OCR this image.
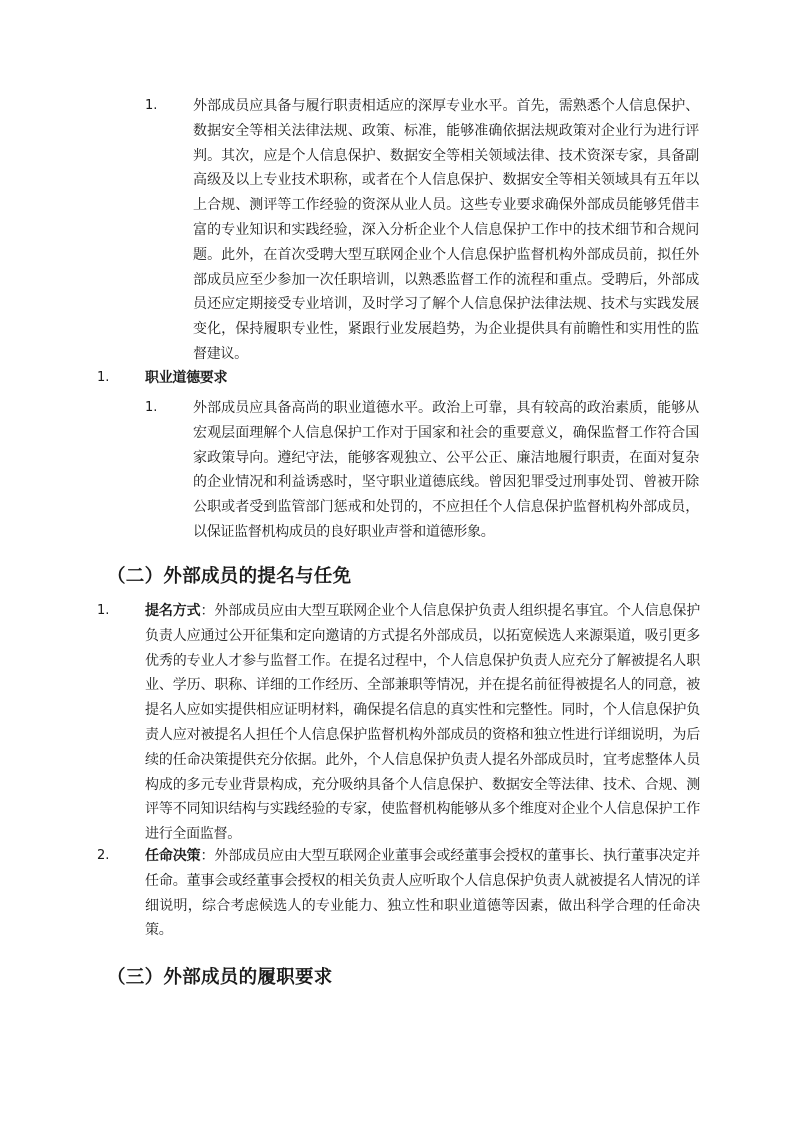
1.	外部成员应具备与履行职责相适应的深厚专业水平。首先，需熟悉个人信息保护、数据安全等相关法律法规、政策、标准，能够准确依据法规政策对企业行为进行评判。其次，应是个人信息保护、数据安全等相关领域法律、技术资深专家，具备副高级及以上专业技术职称，或者在个人信息保护、数据安全等相关领域具有五年以上合规、测评等工作经验的资深从业人员。这些专业要求确保外部成员能够凭借丰富的专业知识和实践经验，深入分析企业个人信息保护工作中的技术细节和合规问题。此外，在首次受聘大型互联网企业个人信息保护监督机构外部成员前，拟任外部成员应至少参加一次任职培训，以熟悉监督工作的流程和重点。受聘后，外部成员还应定期接受专业培训，及时学习了解个人信息保护法律法规、技术与实践发展变化，保持履职专业性，紧跟行业发展趋势，为企业提供具有前瞻性和实用性的监督建议。
1.	职业道德要求
1.	外部成员应具备高尚的职业道德水平。政治上可靠，具有较高的政治素质，能够从宏观层面理解个人信息保护工作对于国家和社会的重要意义，确保监督工作符合国家政策导向。遵纪守法，能够客观独立、公平公正、廉洁地履行职责，在面对复杂的企业情况和利益诱惑时，坚守职业道德底线。曾因犯罪受过刑事处罚、曾被开除公职或者受到监管部门惩戒和处罚的，不应担任个人信息保护监督机构外部成员，以保证监督机构成员的良好职业声誉和道德形象。
（二）外部成员的提名与任免
1.	提名方式：外部成员应由大型互联网企业个人信息保护负责人组织提名事宜。个人信息保护负责人应通过公开征集和定向邀请的方式提名外部成员，以拓宽候选人来源渠道，吸引更多优秀的专业人才参与监督工作。在提名过程中，个人信息保护负责人应充分了解被提名人职业、学历、职称、详细的工作经历、全部兼职等情况，并在提名前征得被提名人的同意，被提名人应如实提供相应证明材料，确保提名信息的真实性和完整性。同时，个人信息保护负责人应对被提名人担任个人信息保护监督机构外部成员的资格和独立性进行详细说明，为后续的任命决策提供充分依据。此外，个人信息保护负责人提名外部成员时，宜考虑整体人员构成的多元专业背景构成，充分吸纳具备个人信息保护、数据安全等法律、技术、合规、测评等不同知识结构与实践经验的专家，使监督机构能够从多个维度对企业个人信息保护工作进行全面监督。
2.	任命决策：外部成员应由大型互联网企业董事会或经董事会授权的董事长、执行董事决定并任命。董事会或经董事会授权的相关负责人应听取个人信息保护负责人就被提名人情况的详细说明，综合考虑候选人的专业能力、独立性和职业道德等因素，做出科学合理的任命决策。
（三）外部成员的履职要求
